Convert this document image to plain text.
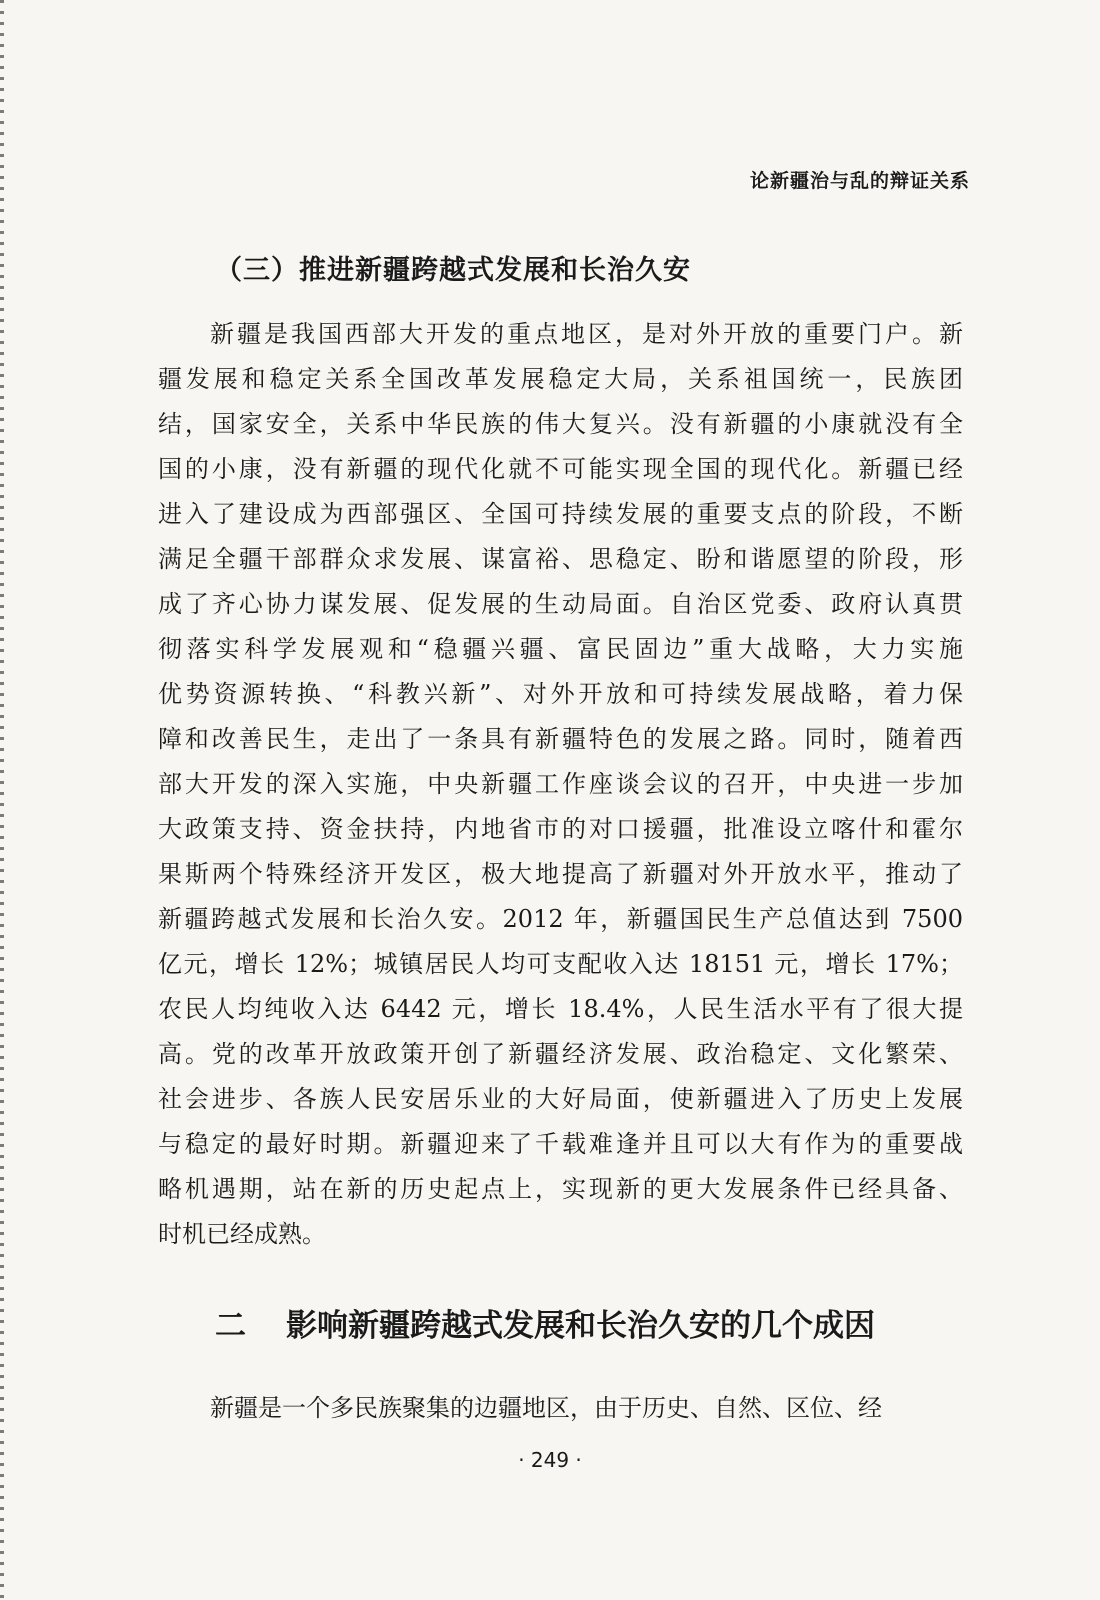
论新疆治与乱的辩证关系
（三）推进新疆跨越式发展和长治久安
新疆是我国西部大开发的重点地区，是对外开放的重要门户。新
疆发展和稳定关系全国改革发展稳定大局，关系祖国统一，民族团
结，国家安全，关系中华民族的伟大复兴。没有新疆的小康就没有全
国的小康，没有新疆的现代化就不可能实现全国的现代化。新疆已经
进入了建设成为西部强区、全国可持续发展的重要支点的阶段，不断
满足全疆干部群众求发展、谋富裕、思稳定、盼和谐愿望的阶段，形
成了齐心协力谋发展、促发展的生动局面。自治区党委、政府认真贯
彻落实科学发展观和“稳疆兴疆、富民固边”重大战略，大力实施
优势资源转换、“科教兴新”、对外开放和可持续发展战略，着力保
障和改善民生，走出了一条具有新疆特色的发展之路。同时，随着西
部大开发的深入实施，中央新疆工作座谈会议的召开，中央进一步加
大政策支持、资金扶持，内地省市的对口援疆，批准设立喀什和霍尔
果斯两个特殊经济开发区，极大地提高了新疆对外开放水平，推动了
新疆跨越式发展和长治久安。2012 年，新疆国民生产总值达到 7500
亿元，增长 12%；城镇居民人均可支配收入达 18151 元，增长 17%；
农民人均纯收入达 6442 元，增长 18.4%，人民生活水平有了很大提
高。党的改革开放政策开创了新疆经济发展、政治稳定、文化繁荣、
社会进步、各族人民安居乐业的大好局面，使新疆进入了历史上发展
与稳定的最好时期。新疆迎来了千载难逢并且可以大有作为的重要战
略机遇期，站在新的历史起点上，实现新的更大发展条件已经具备、
时机已经成熟。
二 影响新疆跨越式发展和长治久安的几个成因
新疆是一个多民族聚集的边疆地区，由于历史、自然、区位、经
· 249 ·
